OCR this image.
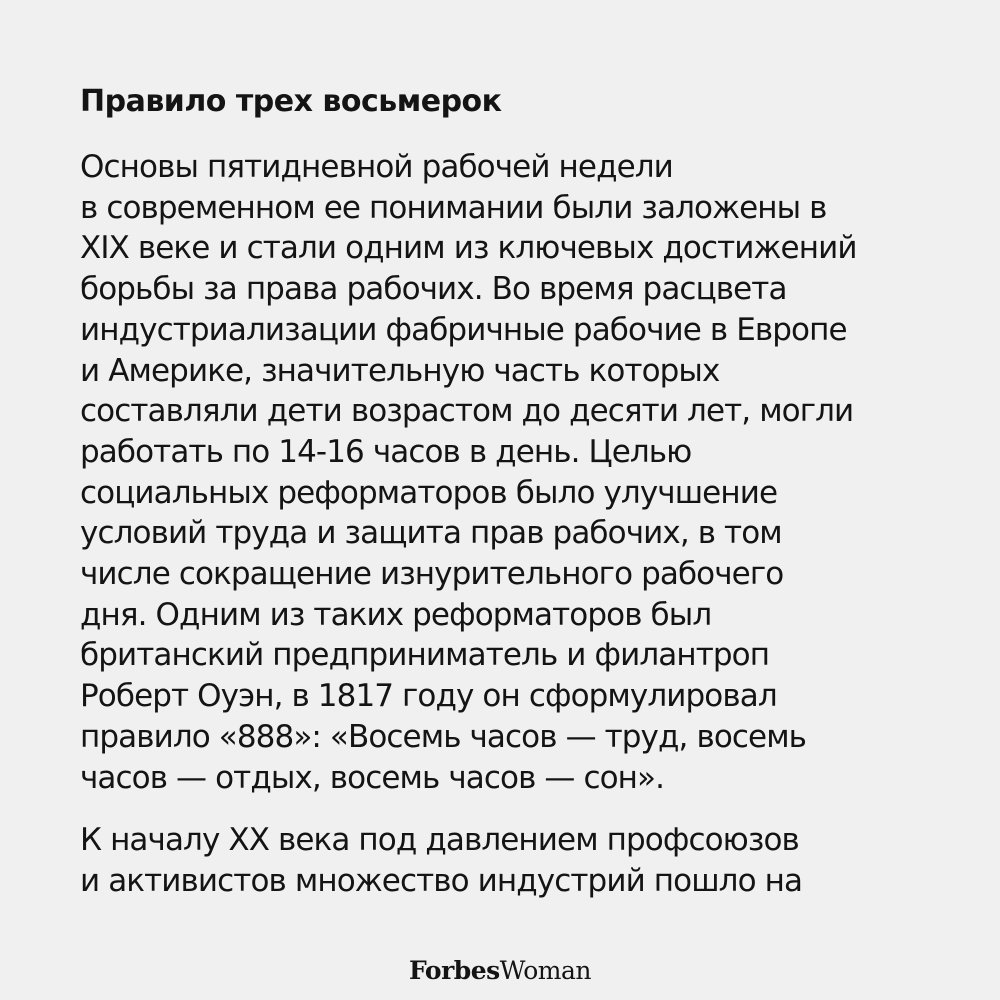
Правило трех восьмерок

Основы пятидневной рабочей недели
в современном ее понимании были заложены в
XIX веке и стали одним из ключевых достижений
борьбы за права рабочих. Во время расцвета
индустриализации фабричные рабочие в Европе
и Америке, значительную часть которых
составляли дети возрастом до десяти лет, могли
работать по 14-16 часов в день. Целью
социальных реформаторов было улучшение
условий труда и защита прав рабочих, в том
числе сокращение изнурительного рабочего
дня. Одним из таких реформаторов был
британский предприниматель и филантроп
Роберт Оуэн, в 1817 году он сформулировал
правило «888»: «Восемь часов — труд, восемь
часов — отдых, восемь часов — сон».

К началу XX века под давлением профсоюзов
и активистов множество индустрий пошло на

ForbesWoman
